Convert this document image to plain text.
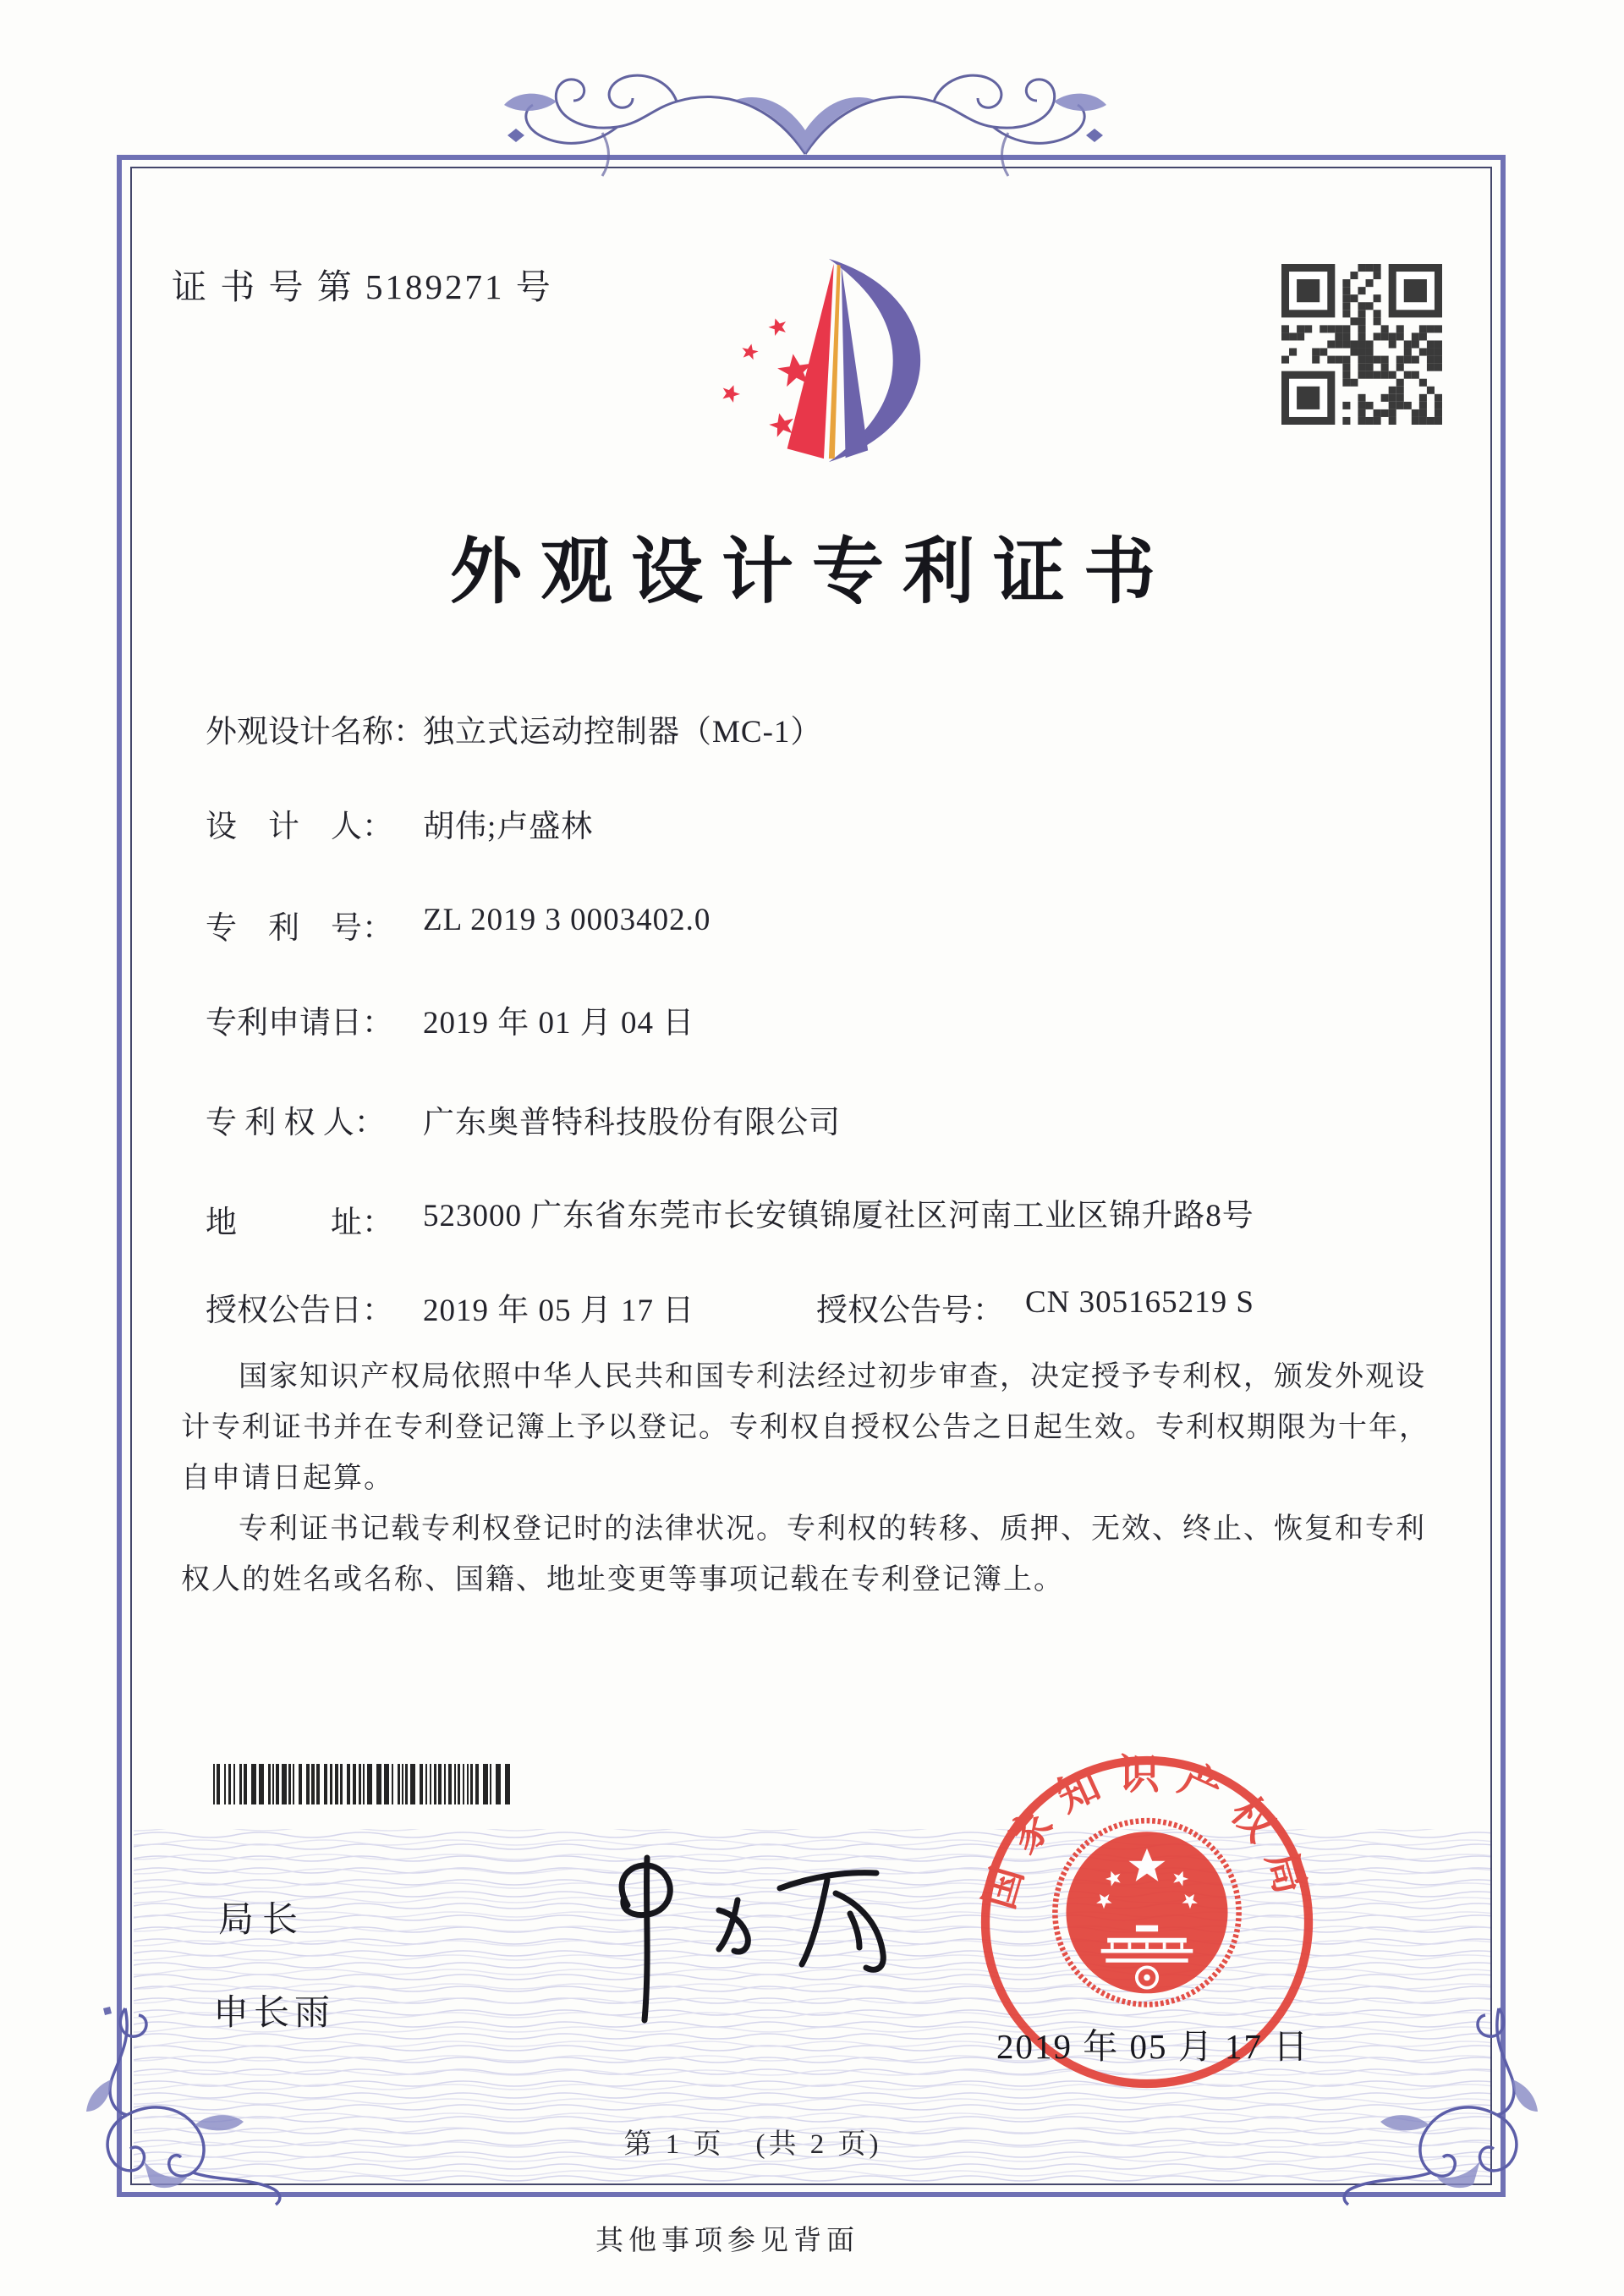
证 书 号 第 5189271 号
外观设计专利证书
外观设计名称：
独立式运动控制器（MC-1）
设　计　人： 胡伟;卢盛林
专　利　号： ZL 2019 3 0003402.0
专利申请日： 2019 年 01 月 04 日
专 利 权 人： 广东奥普特科技股份有限公司
地　　　址： 523000 广东省东莞市长安镇锦厦社区河南工业区锦升路8号
授权公告日： 2019 年 05 月 17 日	授权公告号： CN 305165219 S

国家知识产权局依照中华人民共和国专利法经过初步审查，决定授予专利权，颁发外观设计专利证书并在专利登记簿上予以登记。专利权自授权公告之日起生效。专利权期限为十年，自申请日起算。

专利证书记载专利权登记时的法律状况。专利权的转移、质押、无效、终止、恢复和专利权人的姓名或名称、国籍、地址变更等事项记载在专利登记簿上。

局长
申长雨
国家知识产权局
2019 年 05 月 17 日
第 1 页　(共 2 页)
其他事项参见背面
